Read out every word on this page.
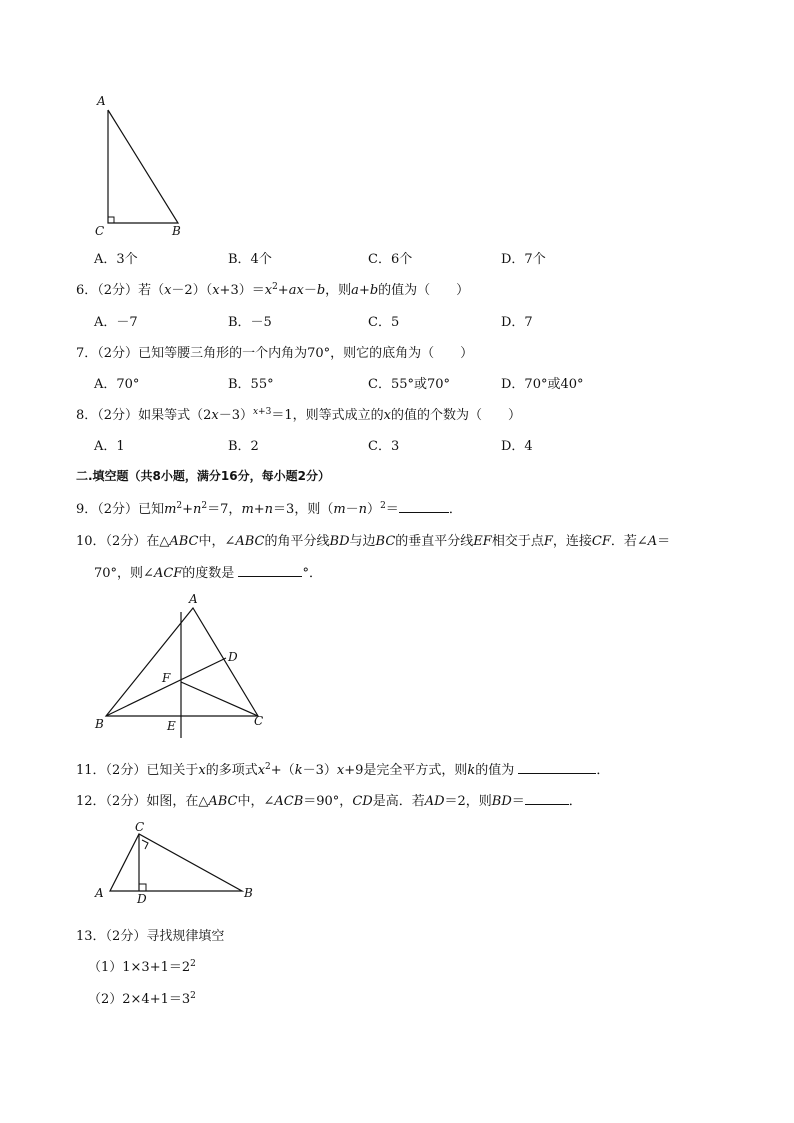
A
C	B
A．3个	B．4个	C．6个	D．7个
6．（2分）若$(x-2)(x+3)=x^2+ax-b$，则a+b的值为（　　）
A．－7	B．－5	C．5	D．7
7．（2分）已知等腰三角形的一个内角为70°，则它的底角为（　　）
A．70°	B．55°	C．55°或70°	D．70°或40°
8．（2分）如果等式$(2x-3)^{x+3}=1$，则等式成立的x的值的个数为（　　）
A．1	B．2	C．3	D．4
二.填空题（共8小题，满分16分，每小题2分）
9．（2分）已知$m^2+n^2=7$，m+n＝3，则$(m-n)^2=$	．
10．（2分）在△ABC中，∠ABC的角平分线BD与边BC的垂直平分线EF相交于点F，连接CF．若∠A＝
70°，则∠ACF的度数是	°．
A
D
F
B	E	C
11．（2分）已知关于x的多项式$x^2+(k-3)x+9$是完全平方式，则k的值为	．
12．（2分）如图，在△ABC中，∠ACB＝90°，CD是高．若AD＝2，则BD＝	．
C
A	D	B
13．（2分）寻找规律填空
$(1)1\times 3+1=2^2$
$(2)2\times 4+1=3^2$
